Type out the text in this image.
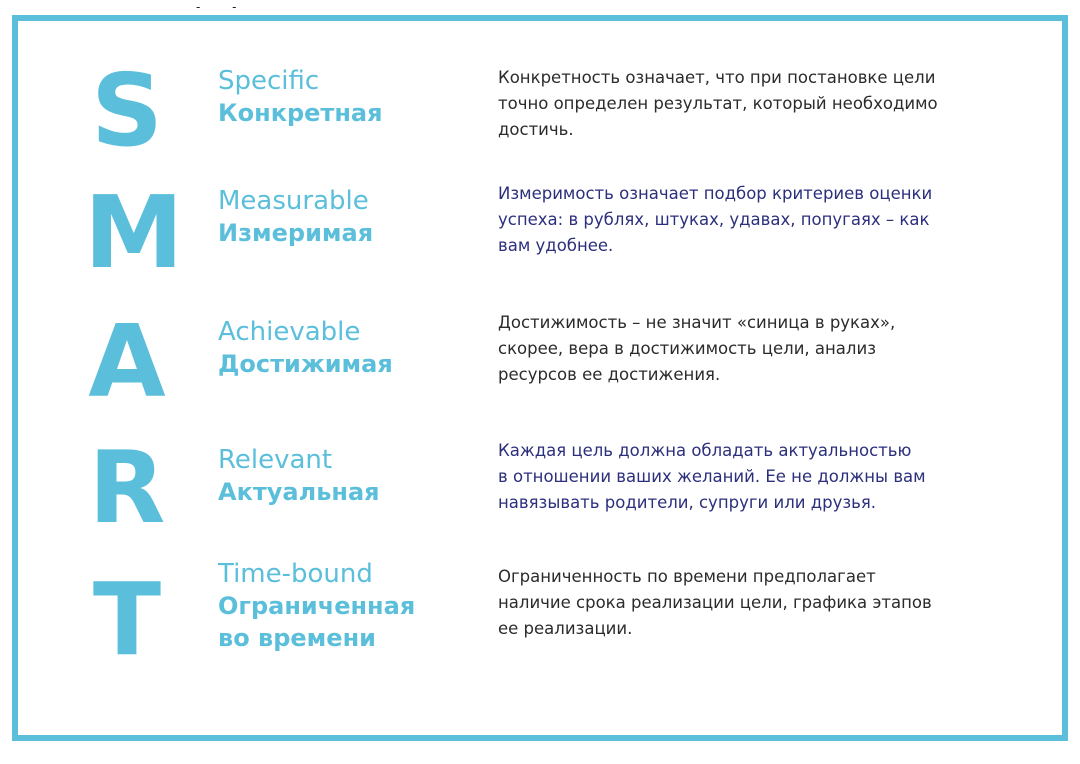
- -
S Specific
Конкретная
Конкретность означает, что при постановке цели
точно определен результат, который необходимо
достичь.
M Measurable
Измеримая
Измеримость означает подбор критериев оценки
успеха: в рублях, штуках, удавах, попугаях – как
вам удобнее.
A Achievable
Достижимая
Достижимость – не значит «синица в руках»,
скорее, вера в достижимость цели, анализ
ресурсов ее достижения.
R Relevant
Актуальная
Каждая цель должна обладать актуальностью
в отношении ваших желаний. Ее не должны вам
навязывать родители, супруги или друзья.
T	Time-bound
Ограниченная
во времени
Ограниченность по времени предполагает
наличие срока реализации цели, графика этапов
ее реализации.
